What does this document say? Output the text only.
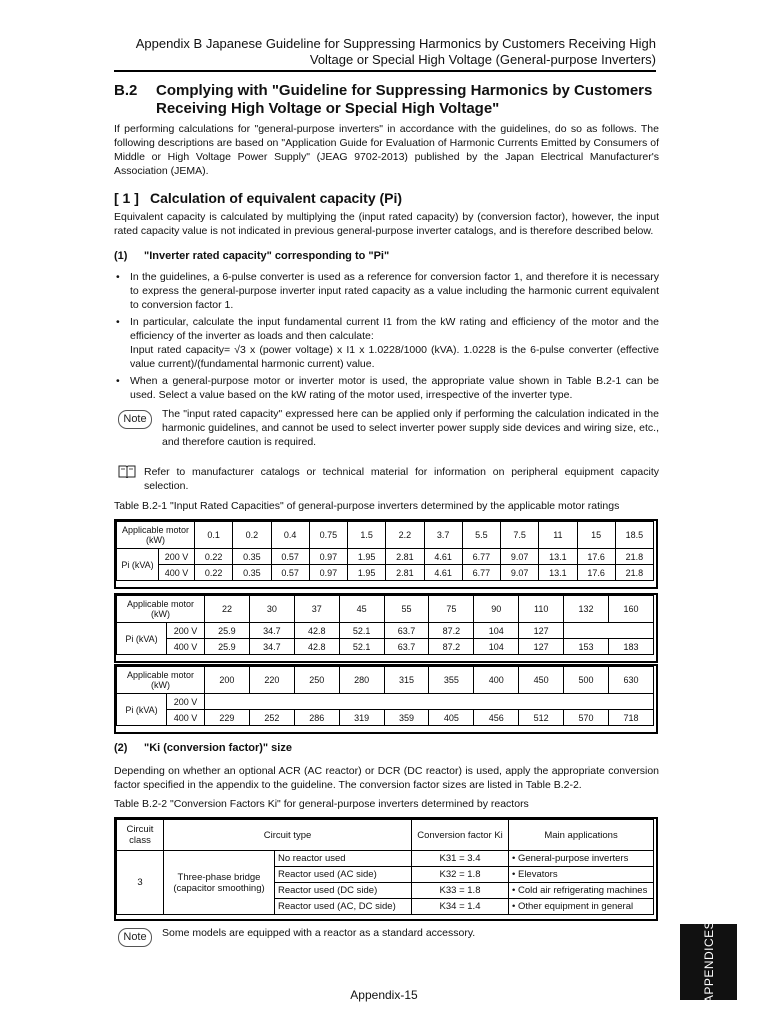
Appendix B Japanese Guideline for Suppressing Harmonics by Customers Receiving High
Voltage or Special High Voltage (General-purpose Inverters)
B.2 Complying with "Guideline for Suppressing Harmonics by Customers Receiving High Voltage or Special High Voltage"
If performing calculations for "general-purpose inverters" in accordance with the guidelines, do so as follows. The following descriptions are based on "Application Guide for Evaluation of Harmonic Currents Emitted by Consumers of Middle or High Voltage Power Supply" (JEAG 9702-2013) published by the Japan Electrical Manufacturer's Association (JEMA).
[ 1 ] Calculation of equivalent capacity (Pi)
Equivalent capacity is calculated by multiplying the (input rated capacity) by (conversion factor), however, the input rated capacity value is not indicated in previous general-purpose inverter catalogs, and is therefore described below.
(1) "Inverter rated capacity" corresponding to "Pi"
• In the guidelines, a 6-pulse converter is used as a reference for conversion factor 1, and therefore it is necessary to express the general-purpose inverter input rated capacity as a value including the harmonic current equivalent to conversion factor 1.
• In particular, calculate the input fundamental current I1 from the kW rating and efficiency of the motor and the efficiency of the inverter as loads and then calculate:
Input rated capacity= √3 x (power voltage) x I1 x 1.0228/1000 (kVA). 1.0228 is the 6-pulse converter (effective value current)/(fundamental harmonic current) value.
• When a general-purpose motor or inverter motor is used, the appropriate value shown in Table B.2-1 can be used. Select a value based on the kW rating of the motor used, irrespective of the inverter type.
Note	The "input rated capacity" expressed here can be applied only if performing the calculation indicated in the harmonic guidelines, and cannot be used to select inverter power supply side devices and wiring size, etc., and therefore caution is required.
Refer to manufacturer catalogs or technical material for information on peripheral equipment capacity selection.
Table B.2-1 "Input Rated Capacities" of general-purpose inverters determined by the applicable motor ratings
Applicable motor (kW)		0.1	0.2	0.4	0.75	1.5	2.2	3.7	5.5	7.5	11	15	18.5
Pi (kVA)	200 V	0.22	0.35	0.57	0.97	1.95	2.81	4.61	6.77	9.07	13.1	17.6	21.8
	400 V	0.22	0.35	0.57	0.97	1.95	2.81	4.61	6.77	9.07	13.1	17.6	21.8
Applicable motor (kW)		22	30	37	45	55	75	90	110	132	160
Pi (kVA)	200 V	25.9	34.7	42.8	52.1	63.7	87.2	104	127		
	400 V	25.9	34.7	42.8	52.1	63.7	87.2	104	127	153	183
Applicable motor (kW)		200	220	250	280	315	355	400	450	500	630
Pi (kVA)	200 V										
	400 V	229	252	286	319	359	405	456	512	570	718
(2) "Ki (conversion factor)" size
Depending on whether an optional ACR (AC reactor) or DCR (DC reactor) is used, apply the appropriate conversion factor specified in the appendix to the guideline. The conversion factor sizes are listed in Table B.2-2.
Table B.2-2 "Conversion Factors Ki" for general-purpose inverters determined by reactors
Circuit class	Circuit type		Conversion factor Ki	Main applications
3	Three-phase bridge (capacitor smoothing)	No reactor used	K31 = 3.4	• General-purpose inverters
		Reactor used (AC side)	K32 = 1.8	• Elevators
		Reactor used (DC side)	K33 = 1.8	• Cold air refrigerating machines
		Reactor used (AC, DC side)	K34 = 1.4	• Other equipment in general
Note	Some models are equipped with a reactor as a standard accessory.	APPENDICES
Appendix-15
